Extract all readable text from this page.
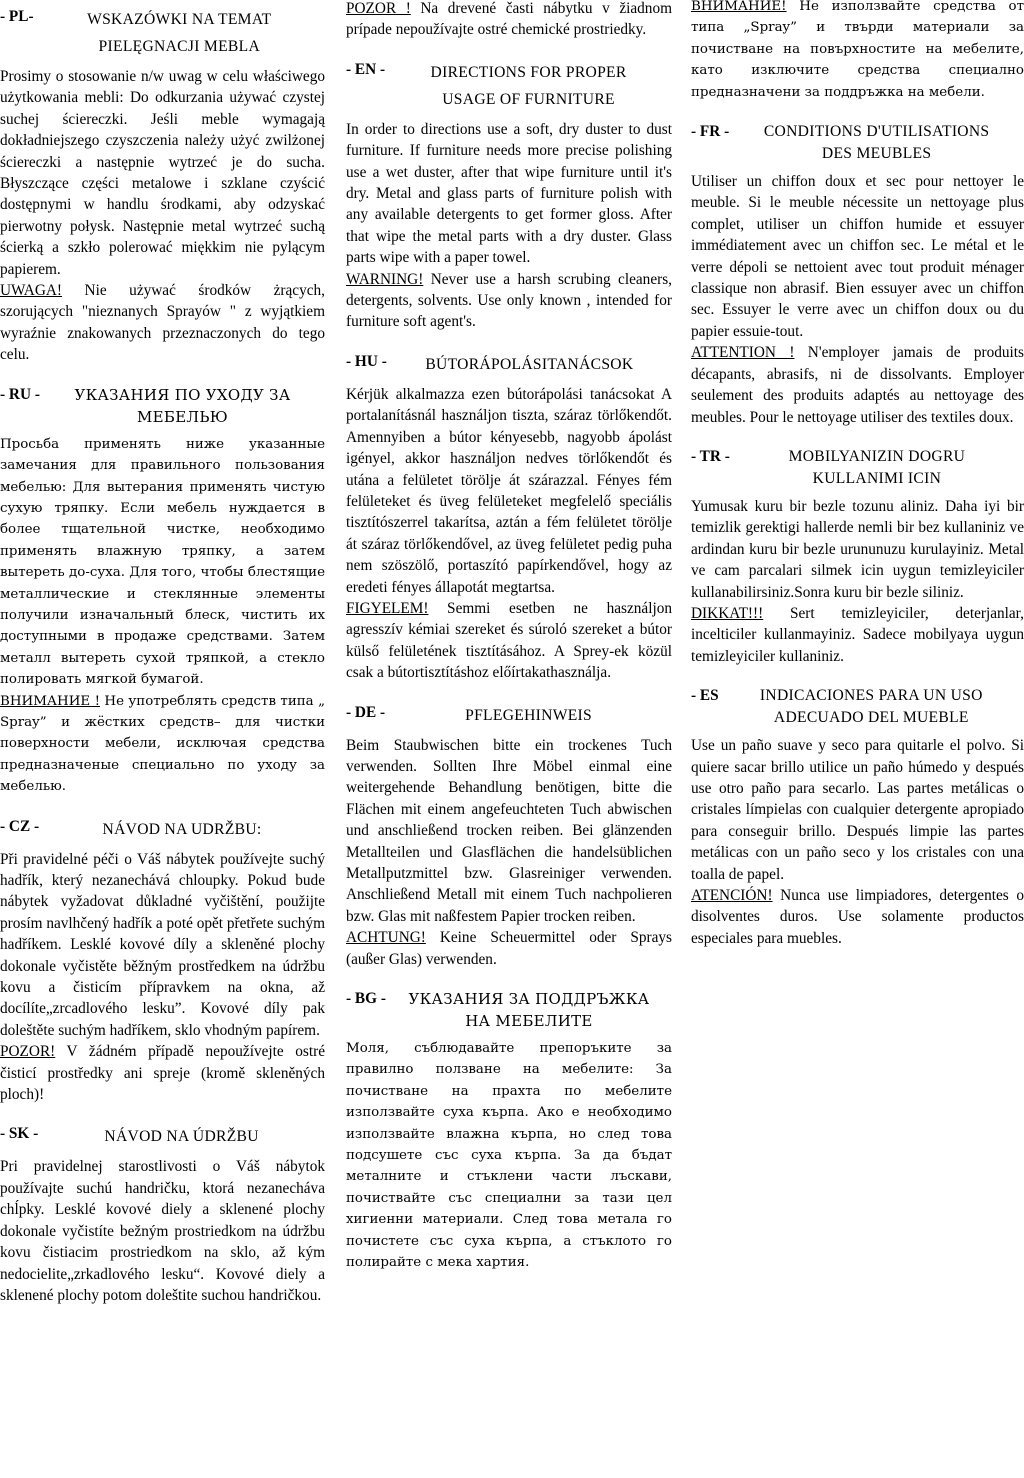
- PL-	WSKAZÓWKI NA TEMAT
PIELĘGNACJI MEBLA

Prosimy o stosowanie n/w uwag w celu właściwego użytkowania mebli: Do odkurzania używać czystej suchej ściereczki. Jeśli meble wymagają dokładniejszego czyszczenia należy użyć zwilżonej ściereczki a następnie wytrzeć je do sucha. Błyszczące części metalowe i szklane czyścić dostępnymi w handlu środkami, aby odzyskać pierwotny połysk. Następnie metal wytrzeć suchą ścierką a szkło polerować miękkim nie pylącym papierem.

UWAGA! Nie używać środków żrących, szorujących "nieznanych Sprayów " z wyjątkiem wyraźnie znakowanych przeznaczonych do tego celu.

- RU -	УКАЗАНИЯ ПО УХОДУ ЗА
МЕБЕЛЬЮ

Просьба применять ниже указанные замечания для правильного пользования мебелью: Для вытерания применять чистую сухую тряпку. Если мебель нуждается в более тщательной чистке, необходимо применять влажную тряпку, а затем вытереть до-суха. Для того, чтобы блестящие металлические и стеклянные элементы получили изначальный блеск, чистить их доступными в продаже средствами. Затем металл вытереть сухой тряпкой, а стекло полировать мягкой бумагой.

ВНИМАНИЕ ! Не употреблять средств типа „ Spray” и жёстких средств– для чистки поверхности мебели, исключая средства предназначеные специально по уходу за мебелью.

- CZ -	NÁVOD NA UDRŽBU:

Při pravidelné péči o Váš nábytek používejte suchý hadřík, který nezanechává chloupky. Pokud bude nábytek vyžadovat důkladné vyčištění, použijte prosím navlhčený hadřík a poté opět přetřete suchým hadříkem. Lesklé kovové díly a skleněné plochy dokonale vyčistěte běžným prostředkem na údržbu kovu a čisticím přípravkem na okna, až docílíte„zrcadlového lesku”. Kovové díly pak doleštěte suchým hadříkem, sklo vhodným papírem.

POZOR! V žádném případě nepoužívejte ostré čisticí prostředky ani spreje (kromě skleněných ploch)!

- SK -	NÁVOD NA ÚDRŽBU

Pri pravidelnej starostlivosti o Váš nábytok používajte suchú handričku, ktorá nezanecháva chĺpky. Lesklé kovové diely a sklenené plochy dokonale vyčistíte bežným prostriedkom na údržbu kovu čistiacim prostriedkom na sklo, až kým nedocielite„zrkadlového lesku“. Kovové diely a sklenené plochy potom doleštite suchou handričkou.

POZOR ! Na drevené časti nábytku v žiadnom prípade nepoužívajte ostré chemické prostriedky.

- EN -	DIRECTIONS FOR PROPER
USAGE OF FURNITURE

In order to directions use a soft, dry duster to dust furniture. If furniture needs more precise polishing use a wet duster, after that wipe furniture until it's dry. Metal and glass parts of furniture polish with any available detergents to get former gloss. After that wipe the metal parts with a dry duster. Glass parts wipe with a paper towel.

WARNING! Never use a harsh scrubing cleaners, detergents, solvents. Use only known , intended for furniture soft agent's.

- HU -	BÚTORÁPOLÁSITANÁCSOK

Kérjük alkalmazza ezen bútorápolási tanácsokat A portalanításnál használjon tiszta, száraz törlőkendőt. Amennyiben a bútor kényesebb, nagyobb ápolást igényel, akkor használjon nedves törlőkendőt és utána a felületet törölje át szárazzal. Fényes fém felületeket és üveg felületeket megfelelő speciális tisztítószerrel takarítsa, aztán a fém felületet törölje át száraz törlőkendővel, az üveg felületet pedig puha nem szöszölő, portaszító papírkendővel, hogy az eredeti fényes állapotát megtartsa.

FIGYELEM! Semmi esetben ne használjon agresszív kémiai szereket és súroló szereket a bútor külső felületének tisztításához. A Sprey-ek közül csak a bútortisztításhoz előírtakathasználja.

- DE -	PFLEGEHINWEIS

Beim Staubwischen bitte ein trockenes Tuch verwenden. Sollten Ihre Möbel einmal eine weitergehende Behandlung benötigen, bitte die Flächen mit einem angefeuchteten Tuch abwischen und anschließend trocken reiben. Bei glänzenden Metallteilen und Glasflächen die handelsüblichen Metallputzmittel bzw. Glasreiniger verwenden. Anschließend Metall mit einem Tuch nachpolieren bzw. Glas mit naßfestem Papier trocken reiben.

ACHTUNG! Keine Scheuermittel oder Sprays (außer Glas) verwenden.

- BG -	УКАЗАНИЯ ЗА ПОДДРЪЖКА
НА МЕБЕЛИТЕ

Моля, съблюдавайте препоръките за правилно ползване на мебелите: За почистване на прахта по мебелите използвайте суха кърпа. Ако е необходимо използвайте влажна кърпа, но след това подсушете със суха кърпа. За да бъдат металните и стъклени части лъскави, почиствайте със специални за тази цел хигиенни материали. След това метала го почистете със суха кърпа, а стъклото го полирайте с мека хартия.

ВНИМАНИЕ! Не използвайте средства от типа „Spray” и твърди материали за почистване на повърхностите на мебелите, като изключите средства специално предназначени за поддръжка на мебели.

- FR -	CONDITIONS D'UTILISATIONS
DES MEUBLES

Utiliser un chiffon doux et sec pour nettoyer le meuble. Si le meuble nécessite un nettoyage plus complet, utiliser un chiffon humide et essuyer immédiatement avec un chiffon sec. Le métal et le verre dépoli se nettoient avec tout produit ménager classique non abrasif. Bien essuyer avec un chiffon sec. Essuyer le verre avec un chiffon doux ou du papier essuie-tout.

ATTENTION ! N'employer jamais de produits décapants, abrasifs, ni de dissolvants. Employer seulement des produits adaptés au nettoyage des meubles. Pour le nettoyage utiliser des textiles doux.

- TR -	MOBILYANIZIN DOGRU
KULLANIMI ICIN

Yumusak kuru bir bezle tozunu aliniz. Daha iyi bir temizlik gerektigi hallerde nemli bir bez kullaniniz ve ardindan kuru bir bezle urununuzu kurulayiniz. Metal ve cam parcalari silmek icin uygun temizleyiciler kullanabilirsiniz.Sonra kuru bir bezle siliniz.

DIKKAT!!! Sert temizleyiciler, deterjanlar, incelticiler kullanmayiniz. Sadece mobilyaya uygun temizleyiciler kullaniniz.

- ES	INDICACIONES PARA UN USO
ADECUADO DEL MUEBLE

Use un paño suave y seco para quitarle el polvo. Si quiere sacar brillo utilice un paño húmedo y después use otro paño para secarlo. Las partes metálicas o cristales límpielas con cualquier detergente apropiado para conseguir brillo. Después limpie las partes metálicas con un paño seco y los cristales con una toalla de papel.

ATENCIÓN! Nunca use limpiadores, detergentes o disolventes duros. Use solamente productos especiales para muebles.
